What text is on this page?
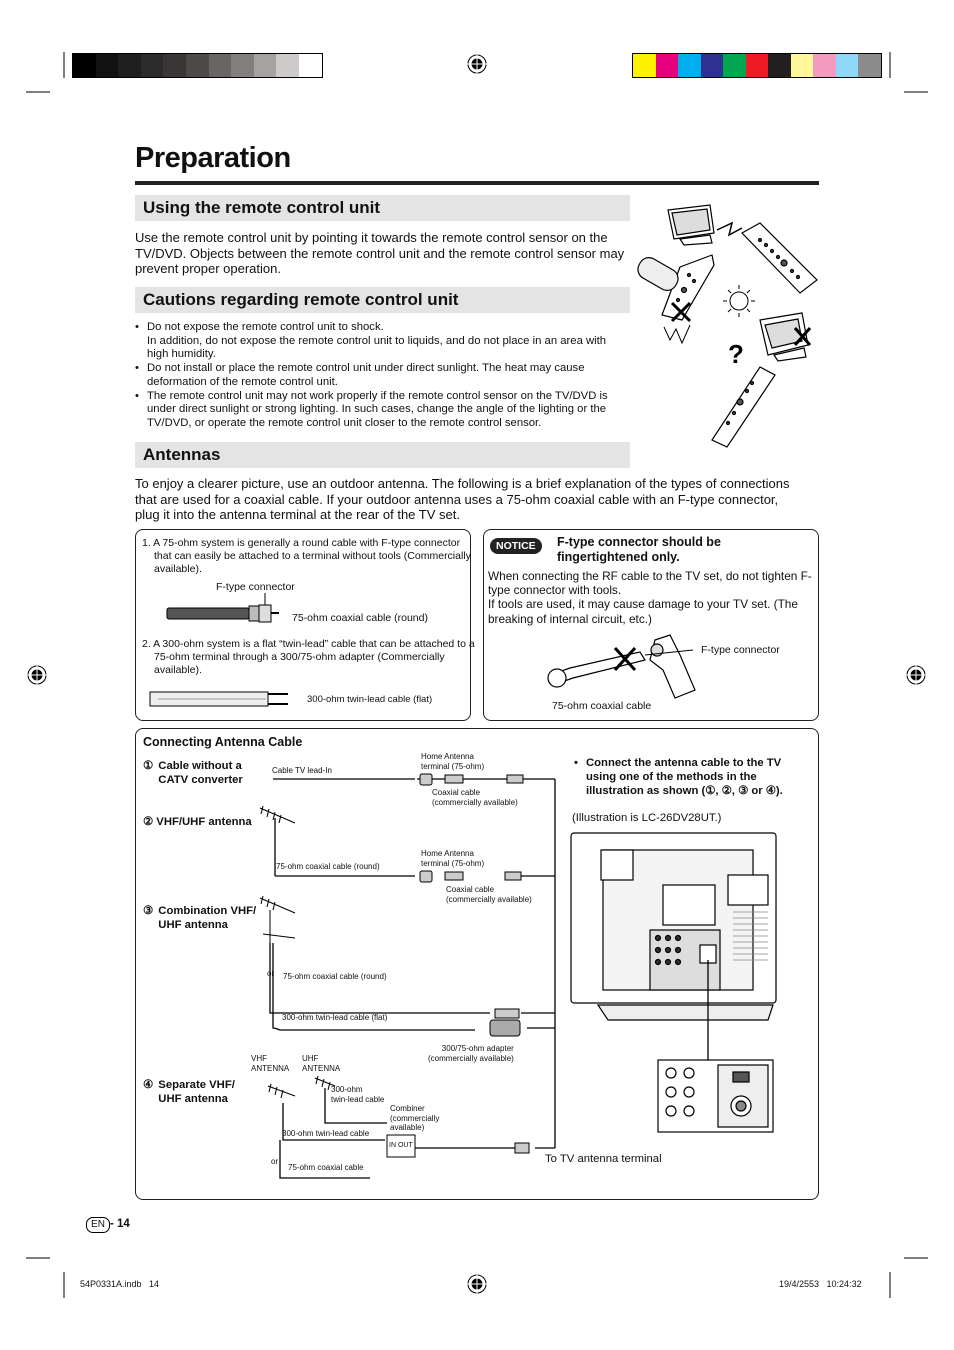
Preparation
Using the remote control unit
Use the remote control unit by pointing it towards the remote control sensor on the TV/DVD. Objects between the remote control unit and the remote control sensor may prevent proper operation.
Cautions regarding remote control unit
• Do not expose the remote control unit to shock.
In addition, do not expose the remote control unit to liquids, and do not place in an area with high humidity.
• Do not install or place the remote control unit under direct sunlight. The heat may cause deformation of the remote control unit.
• The remote control unit may not work properly if the remote control sensor on the TV/DVD is under direct sunlight or strong lighting. In such cases, change the angle of the lighting or the TV/DVD, or operate the remote control unit closer to the remote control sensor.
?
Antennas
To enjoy a clearer picture, use an outdoor antenna. The following is a brief explanation of the types of connections that are used for a coaxial cable. If your outdoor antenna uses a 75-ohm coaxial cable with an F-type connector, plug it into the antenna terminal at the rear of the TV set.
1. A 75-ohm system is generally a round cable with F-type connector that can easily be attached to a terminal without tools (Commercially available).
F-type connector
75-ohm coaxial cable (round)
2. A 300-ohm system is a flat “twin-lead” cable that can be attached to a 75-ohm terminal through a 300/75-ohm adapter (Commercially available).
300-ohm twin-lead cable (flat)
NOTICE	F-type connector should be fingertightened only.
When connecting the RF cable to the TV set, do not tighten F-type connector with tools.
If tools are used, it may cause damage to your TV set. (The breaking of internal circuit, etc.)
F-type connector
75-ohm coaxial cable
Connecting Antenna Cable
① Cable without a
CATV converter
② VHF/UHF antenna
③ Combination VHF/
UHF antenna
④ Separate VHF/
UHF antenna
Cable TV lead-In
Home Antenna
terminal (75-ohm)
Coaxial cable
(commercially available)
75-ohm coaxial cable (round)
Home Antenna
terminal (75-ohm)
Coaxial cable
(commercially available)
or 75-ohm coaxial cable (round)
300-ohm twin-lead cable (flat)
300/75-ohm adapter
(commercially available)
VHF
ANTENNA
UHF
ANTENNA
300-ohm
twin-lead cable
Combiner
(commercially
available)
300-ohm twin-lead cable
IN OUT
or
75-ohm coaxial cable
• Connect the antenna cable to the TV using one of the methods in the illustration as shown (①, ②, ③ or ④).
(Illustration is LC-26DV28UT.)
To TV antenna terminal
EN - 14
54P0331A.indb   14	19/4/2553   10:24:32
